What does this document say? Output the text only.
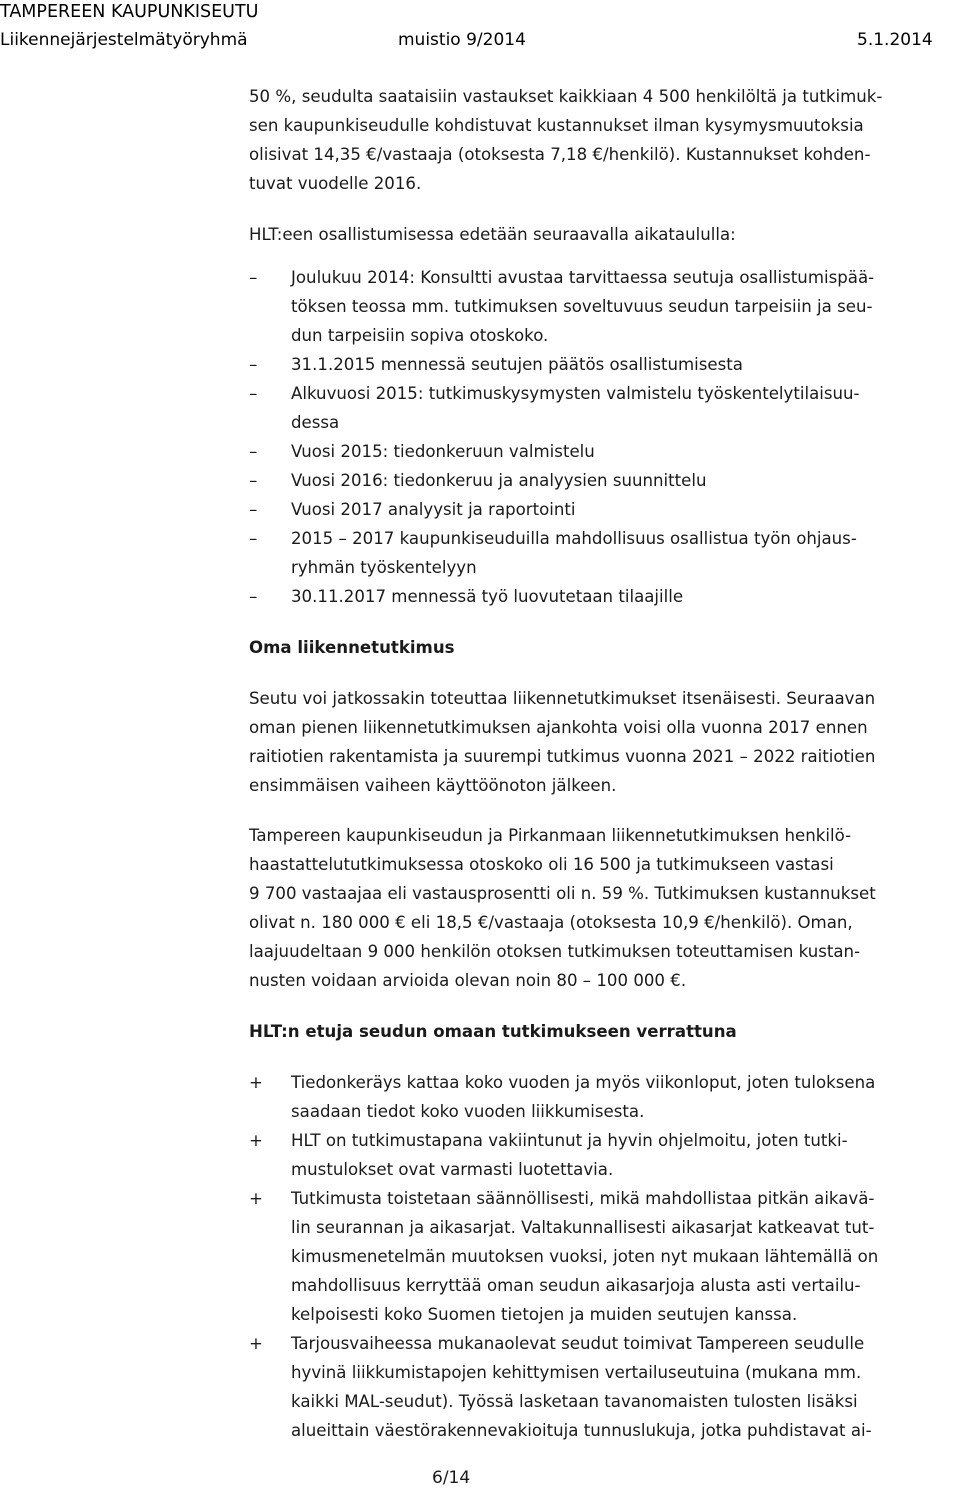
TAMPEREEN KAUPUNKISEUTU
Liikennejärjestelmätyöryhmä	muistio 9/2014	5.1.2014

50 %, seudulta saataisiin vastaukset kaikkiaan 4 500 henkilöltä ja tutkimuk-

sen kaupunkiseudulle kohdistuvat kustannukset ilman kysymysmuutoksia

olisivat 14,35 €/vastaaja (otoksesta 7,18 €/henkilö). Kustannukset kohden-

tuvat vuodelle 2016.

HLT:een osallistumisessa edetään seuraavalla aikataululla:

– Joulukuu 2014: Konsultti avustaa tarvittaessa seutuja osallistumispää-
töksen teossa mm. tutkimuksen soveltuvuus seudun tarpeisiin ja seu-
dun tarpeisiin sopiva otoskoko.
– 31.1.2015 mennessä seutujen päätös osallistumisesta
– Alkuvuosi 2015: tutkimuskysymysten valmistelu työskentelytilaisuu-
dessa
– Vuosi 2015: tiedonkeruun valmistelu
– Vuosi 2016: tiedonkeruu ja analyysien suunnittelu
– Vuosi 2017 analyysit ja raportointi
– 2015 – 2017 kaupunkiseuduilla mahdollisuus osallistua työn ohjaus-
ryhmän työskentelyyn
– 30.11.2017 mennessä työ luovutetaan tilaajille
Oma liikennetutkimus

Seutu voi jatkossakin toteuttaa liikennetutkimukset itsenäisesti. Seuraavan

oman pienen liikennetutkimuksen ajankohta voisi olla vuonna 2017 ennen

raitiotien rakentamista ja suurempi tutkimus vuonna 2021 – 2022 raitiotien

ensimmäisen vaiheen käyttöönoton jälkeen.

Tampereen kaupunkiseudun ja Pirkanmaan liikennetutkimuksen henkilö-

haastattelututkimuksessa otoskoko oli 16 500 ja tutkimukseen vastasi

9 700 vastaajaa eli vastausprosentti oli n. 59 %. Tutkimuksen kustannukset

olivat n. 180 000 € eli 18,5 €/vastaaja (otoksesta 10,9 €/henkilö). Oman,

laajuudeltaan 9 000 henkilön otoksen tutkimuksen toteuttamisen kustan-

nusten voidaan arvioida olevan noin 80 – 100 000 €.

HLT:n etuja seudun omaan tutkimukseen verrattuna
+ Tiedonkeräys kattaa koko vuoden ja myös viikonloput, joten tuloksena
saadaan tiedot koko vuoden liikkumisesta.
+ HLT on tutkimustapana vakiintunut ja hyvin ohjelmoitu, joten tutki-
mustulokset ovat varmasti luotettavia.
+ Tutkimusta toistetaan säännöllisesti, mikä mahdollistaa pitkän aikavä-
lin seurannan ja aikasarjat. Valtakunnallisesti aikasarjat katkeavat tut-
kimusmenetelmän muutoksen vuoksi, joten nyt mukaan lähtemällä on
mahdollisuus kerryttää oman seudun aikasarjoja alusta asti vertailu-
kelpoisesti koko Suomen tietojen ja muiden seutujen kanssa.
+ Tarjousvaiheessa mukanaolevat seudut toimivat Tampereen seudulle
hyvinä liikkumistapojen kehittymisen vertailuseutuina (mukana mm.
kaikki MAL-seudut). Työssä lasketaan tavanomaisten tulosten lisäksi
alueittain väestörakennevakioituja tunnuslukuja, jotka puhdistavat ai-
6/14
